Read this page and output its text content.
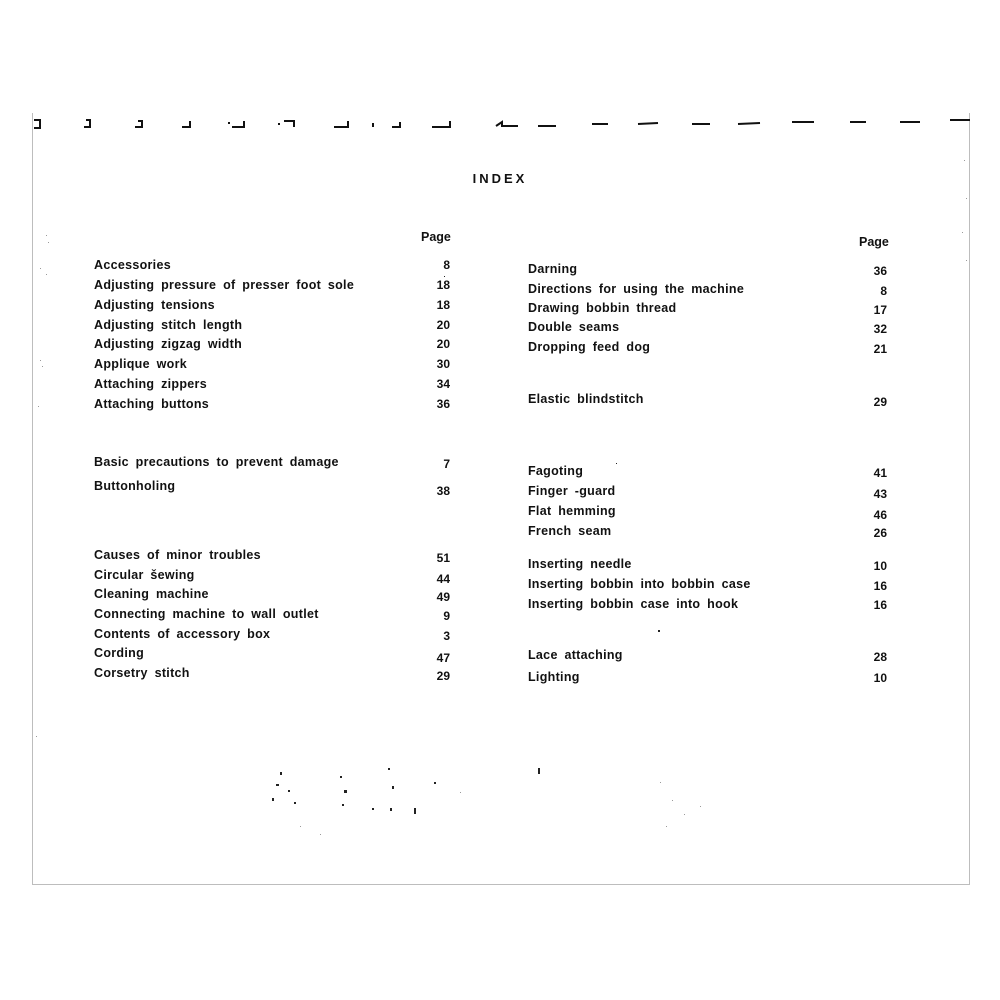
INDEX
Page	Page
Accessories	8
Adjusting pressure of presser foot sole	18
Adjusting tensions	18
Adjusting stitch length	20
Adjusting zigzag width	20
Applique work	30
Attaching zippers	34
Attaching buttons	36
Basic precautions to prevent damage	7
Buttonholing	38
Causes of minor troubles	51
Circular šewing	44
Cleaning machine	49
Connecting machine to wall outlet	9
Contents of accessory box	3
Cording	47
Corsetry stitch	29
Darning	36
Directions for using the machine	8
Drawing bobbin thread	17
Double seams	32
Dropping feed dog	21
Elastic blindstitch	29
Fagoting	41
Finger -guard	43
Flat hemming	46
French seam	26
Inserting needle	10
Inserting bobbin into bobbin case	16
Inserting bobbin case into hook	16
Lace attaching	28
Lighting	10
